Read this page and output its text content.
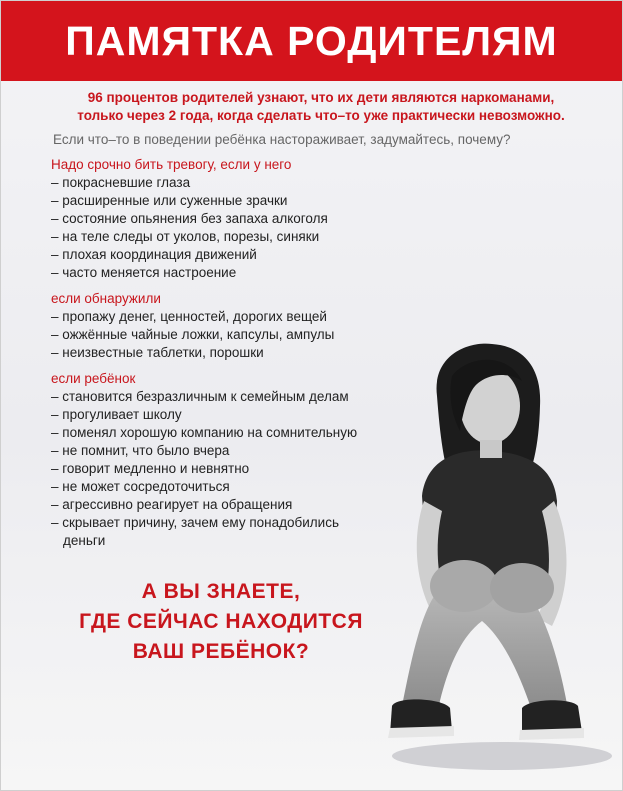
ПАМЯТКА РОДИТЕЛЯМ
96 процентов родителей узнают, что их дети являются наркоманами,
только через 2 года, когда сделать что–то уже практически невозможно.
Если что–то в поведении ребёнка настораживает, задумайтесь, почему?

Надо срочно бить тревогу, если у него

– покрасневшие глаза

– расширенные или суженные зрачки

– состояние опьянения без запаха алкоголя

– на теле следы от уколов, порезы, синяки

– плохая координация движений

– часто меняется настроение

если обнаружили

– пропажу денег, ценностей, дорогих вещей

– ожжённые чайные ложки, капсулы, ампулы

– неизвестные таблетки, порошки

если ребёнок

– становится безразличным к семейным делам

– прогуливает школу

– поменял хорошую компанию на сомнительную

– не помнит, что было вчера

– говорит медленно и невнятно

– не может сосредоточиться

– агрессивно реагирует на обращения

– скрывает причину, зачем ему понадобились

деньги

А ВЫ ЗНАЕТЕ,
ГДЕ СЕЙЧАС НАХОДИТСЯ
ВАШ РЕБЁНОК?
